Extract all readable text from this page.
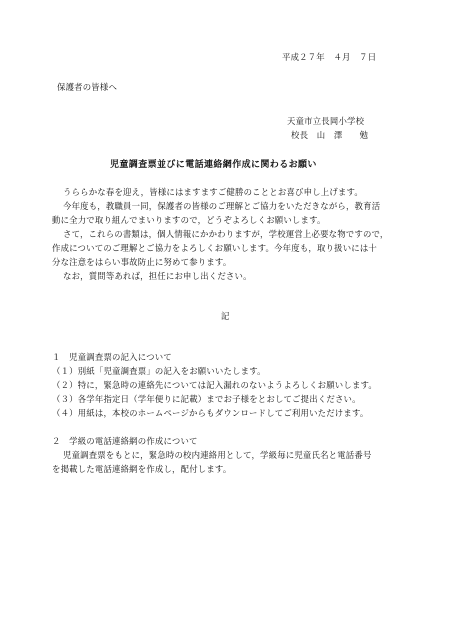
平成２７年　４月　７日
保護者の皆様へ
天童市立長岡小学校
校長　山　澤　　勉
児童調査票並びに電話連絡網作成に関わるお願い
うららかな春を迎え，皆様にはますますご健勝のこととお喜び申し上げます。
今年度も，教職員一同，保護者の皆様のご理解とご協力をいただきながら，教育活
動に全力で取り組んでまいりますので，どうぞよろしくお願いします。
さて，これらの書類は，個人情報にかかわりますが，学校運営上必要な物ですので，
作成についてのご理解とご協力をよろしくお願いします。今年度も，取り扱いには十
分な注意をはらい事故防止に努めて参ります。
なお，質問等あれば，担任にお申し出ください。
記
１　児童調査票の記入について
（１）別紙「児童調査票」の記入をお願いいたします。
（２）特に，緊急時の連絡先については記入漏れのないようよろしくお願いします。
（３）各学年指定日（学年便りに記載）までお子様をとおしてご提出ください。
（４）用紙は，本校のホームページからもダウンロードしてご利用いただけます。
２　学級の電話連絡網の作成について
児童調査票をもとに，緊急時の校内連絡用として，学級毎に児童氏名と電話番号
を掲載した電話連絡網を作成し，配付します。
